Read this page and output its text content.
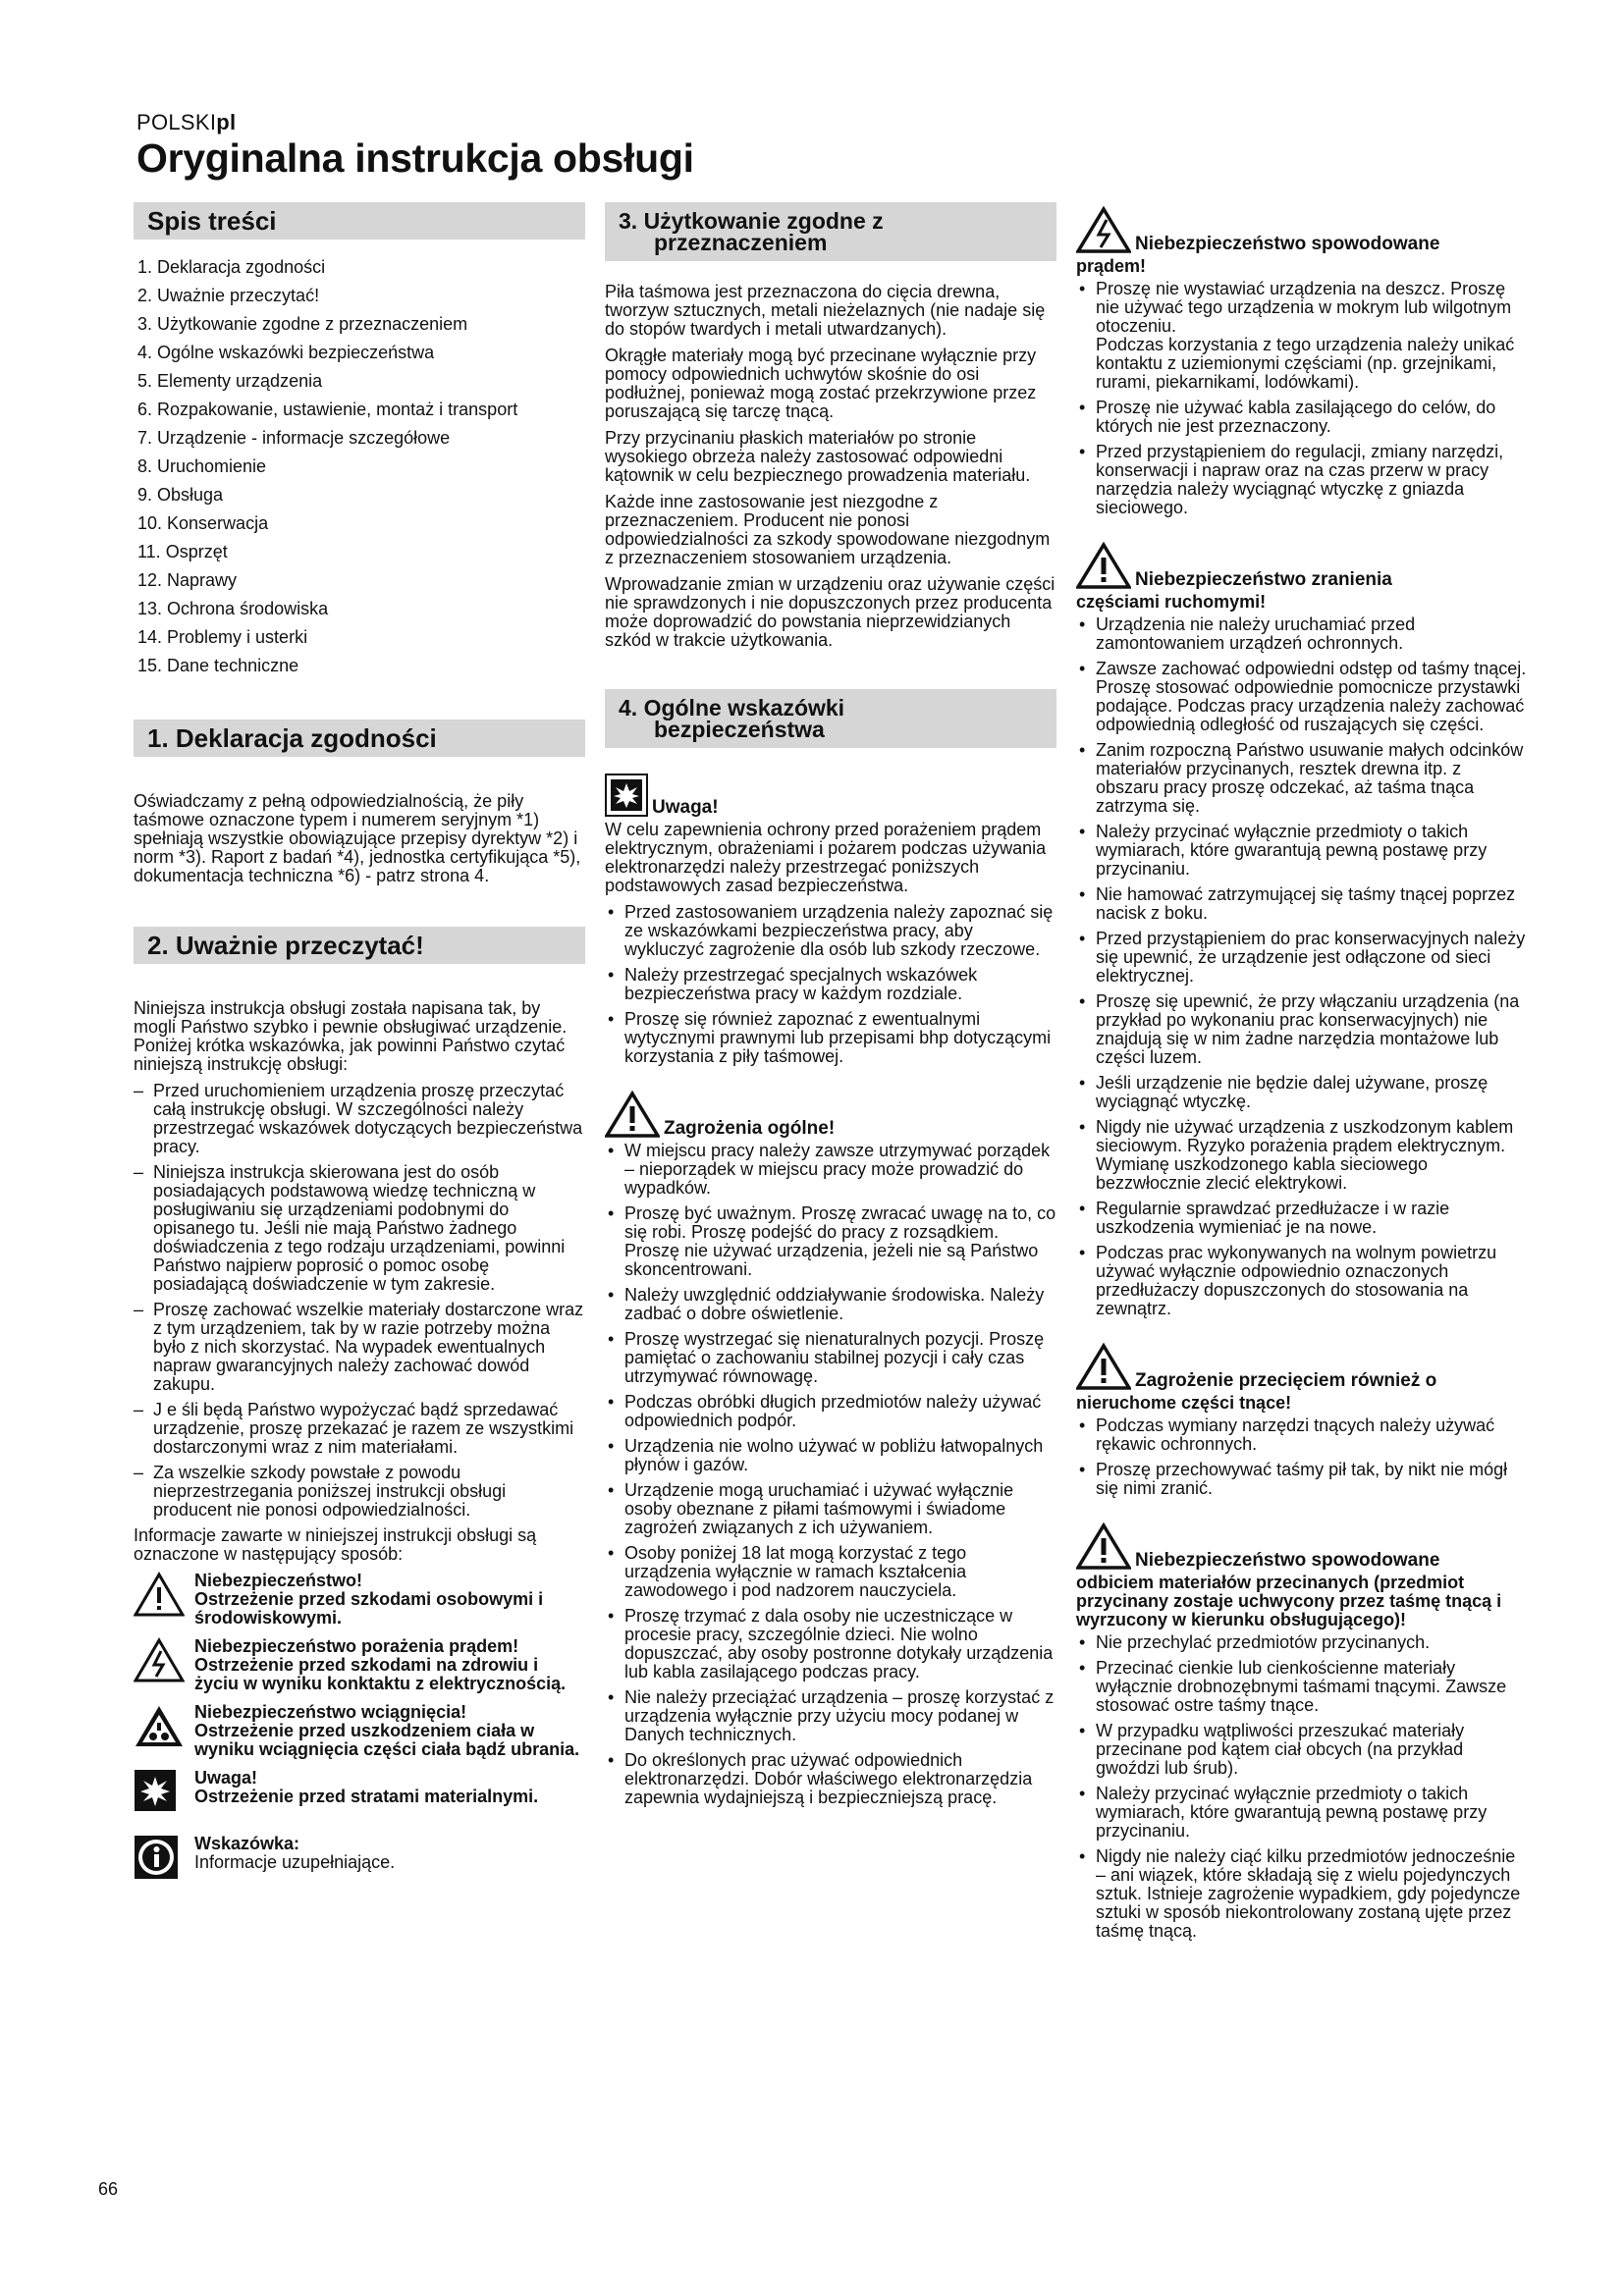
POLSKIpl
Oryginalna instrukcja obsługi
Spis treści
1. Deklaracja zgodności
2. Uważnie przeczytać!
3. Użytkowanie zgodne z przeznaczeniem
4. Ogólne wskazówki bezpieczeństwa
5. Elementy urządzenia
6. Rozpakowanie, ustawienie, montaż i transport
7. Urządzenie - informacje szczegółowe
8. Uruchomienie
9. Obsługa
10. Konserwacja
11. Osprzęt
12. Naprawy
13. Ochrona środowiska
14. Problemy i usterki
15. Dane techniczne
1. Deklaracja zgodności

Oświadczamy z pełną odpowiedzialnością, że piły taśmowe oznaczone typem i numerem seryjnym *1) spełniają wszystkie obowiązujące przepisy dyrektyw *2) i norm *3). Raport z badań *4), jednostka certyfikująca *5), dokumentacja techniczna *6) - patrz strona 4.

2. Uważnie przeczytać!

Niniejsza instrukcja obsługi została napisana tak, by mogli Państwo szybko i pewnie obsługiwać urządzenie. Poniżej krótka wskazówka, jak powinni Państwo czytać niniejszą instrukcję obsługi:

– Przed uruchomieniem urządzenia proszę przeczytać całą instrukcję obsługi. W szczególności należy przestrzegać wskazówek dotyczących bezpieczeństwa pracy.
– Niniejsza instrukcja skierowana jest do osób posiadających podstawową wiedzę techniczną w posługiwaniu się urządzeniami podobnymi do opisanego tu. Jeśli nie mają Państwo żadnego doświadczenia z tego rodzaju urządzeniami, powinni Państwo najpierw poprosić o pomoc osobę posiadającą doświadczenie w tym zakresie.
– Proszę zachować wszelkie materiały dostarczone wraz z tym urządzeniem, tak by w razie potrzeby można było z nich skorzystać. Na wypadek ewentualnych napraw gwarancyjnych należy zachować dowód zakupu.
– J e śli będą Państwo wypożyczać bądź sprzedawać urządzenie, proszę przekazać je razem ze wszystkimi dostarczonymi wraz z nim materiałami.
– Za wszelkie szkody powstałe z powodu nieprzestrzegania poniższej instrukcji obsługi producent nie ponosi odpowiedzialności.

Informacje zawarte w niniejszej instrukcji obsługi są oznaczone w następujący sposób:

Niebezpieczeństwo!
Ostrzeżenie przed szkodami osobowymi i środowiskowymi.
Niebezpieczeństwo porażenia prądem!
Ostrzeżenie przed szkodami na zdrowiu i życiu w wyniku konktaktu z elektrycznością.
Niebezpieczeństwo wciągnięcia!
Ostrzeżenie przed uszkodzeniem ciała w wyniku wciągnięcia części ciała bądź ubrania.
Uwaga!
Ostrzeżenie przed stratami materialnymi.
Wskazówka:
Informacje uzupełniające.
3. Użytkowanie zgodne z
przeznaczeniem

Piła taśmowa jest przeznaczona do cięcia drewna, tworzyw sztucznych, metali nieżelaznych (nie nadaje się do stopów twardych i metali utwardzanych).

Okrągłe materiały mogą być przecinane wyłącznie przy pomocy odpowiednich uchwytów skośnie do osi podłużnej, ponieważ mogą zostać przekrzywione przez poruszającą się tarczę tnącą.

Przy przycinaniu płaskich materiałów po stronie wysokiego obrzeża należy zastosować odpowiedni kątownik w celu bezpiecznego prowadzenia materiału.

Każde inne zastosowanie jest niezgodne z przeznaczeniem. Producent nie ponosi odpowiedzialności za szkody spowodowane niezgodnym z przeznaczeniem stosowaniem urządzenia.

Wprowadzanie zmian w urządzeniu oraz używanie części nie sprawdzonych i nie dopuszczonych przez producenta może doprowadzić do powstania nieprzewidzianych szkód w trakcie użytkowania.

4. Ogólne wskazówki
bezpieczeństwa
Uwaga!

W celu zapewnienia ochrony przed porażeniem prądem elektrycznym, obrażeniami i pożarem podczas używania elektronarzędzi należy przestrzegać poniższych podstawowych zasad bezpieczeństwa.

• Przed zastosowaniem urządzenia należy zapoznać się ze wskazówkami bezpieczeństwa pracy, aby wykluczyć zagrożenie dla osób lub szkody rzeczowe.
• Należy przestrzegać specjalnych wskazówek bezpieczeństwa pracy w każdym rozdziale.
• Proszę się również zapoznać z ewentualnymi wytycznymi prawnymi lub przepisami bhp dotyczącymi korzystania z piły taśmowej.
Zagrożenia ogólne!
• W miejscu pracy należy zawsze utrzymywać porządek – nieporządek w miejscu pracy może prowadzić do wypadków.
• Proszę być uważnym. Proszę zwracać uwagę na to, co się robi. Proszę podejść do pracy z rozsądkiem. Proszę nie używać urządzenia, jeżeli nie są Państwo skoncentrowani.
• Należy uwzględnić oddziaływanie środowiska. Należy zadbać o dobre oświetlenie.
• Proszę wystrzegać się nienaturalnych pozycji. Proszę pamiętać o zachowaniu stabilnej pozycji i cały czas utrzymywać równowagę.
• Podczas obróbki długich przedmiotów należy używać odpowiednich podpór.
• Urządzenia nie wolno używać w pobliżu łatwopalnych płynów i gazów.
• Urządzenie mogą uruchamiać i używać wyłącznie osoby obeznane z piłami taśmowymi i świadome zagrożeń związanych z ich używaniem.
• Osoby poniżej 18 lat mogą korzystać z tego urządzenia wyłącznie w ramach kształcenia zawodowego i pod nadzorem nauczyciela.
• Proszę trzymać z dala osoby nie uczestniczące w procesie pracy, szczególnie dzieci. Nie wolno dopuszczać, aby osoby postronne dotykały urządzenia lub kabla zasilającego podczas pracy.
• Nie należy przeciążać urządzenia – proszę korzystać z urządzenia wyłącznie przy użyciu mocy podanej w Danych technicznych.
• Do określonych prac używać odpowiednich elektronarzędzi. Dobór właściwego elektronarzędzia zapewnia wydajniejszą i bezpieczniejszą pracę.
Niebezpieczeństwo spowodowane
prądem!
• Proszę nie wystawiać urządzenia na deszcz. Proszę nie używać tego urządzenia w mokrym lub wilgotnym otoczeniu.
Podczas korzystania z tego urządzenia należy unikać kontaktu z uziemionymi częściami (np. grzejnikami, rurami, piekarnikami, lodówkami).
• Proszę nie używać kabla zasilającego do celów, do których nie jest przeznaczony.
• Przed przystąpieniem do regulacji, zmiany narzędzi, konserwacji i napraw oraz na czas przerw w pracy narzędzia należy wyciągnąć wtyczkę z gniazda sieciowego.
Niebezpieczeństwo zranienia
częściami ruchomymi!
• Urządzenia nie należy uruchamiać przed zamontowaniem urządzeń ochronnych.
• Zawsze zachować odpowiedni odstęp od taśmy tnącej. Proszę stosować odpowiednie pomocnicze przystawki podające. Podczas pracy urządzenia należy zachować odpowiednią odległość od ruszających się części.
• Zanim rozpoczną Państwo usuwanie małych odcinków materiałów przycinanych, resztek drewna itp. z obszaru pracy proszę odczekać, aż taśma tnąca zatrzyma się.
• Należy przycinać wyłącznie przedmioty o takich wymiarach, które gwarantują pewną postawę przy przycinaniu.
• Nie hamować zatrzymującej się taśmy tnącej poprzez nacisk z boku.
• Przed przystąpieniem do prac konserwacyjnych należy się upewnić, że urządzenie jest odłączone od sieci elektrycznej.
• Proszę się upewnić, że przy włączaniu urządzenia (na przykład po wykonaniu prac konserwacyjnych) nie znajdują się w nim żadne narzędzia montażowe lub części luzem.
• Jeśli urządzenie nie będzie dalej używane, proszę wyciągnąć wtyczkę.
• Nigdy nie używać urządzenia z uszkodzonym kablem sieciowym. Ryzyko porażenia prądem elektrycznym. Wymianę uszkodzonego kabla sieciowego bezzwłocznie zlecić elektrykowi.
• Regularnie sprawdzać przedłużacze i w razie uszkodzenia wymieniać je na nowe.
• Podczas prac wykonywanych na wolnym powietrzu używać wyłącznie odpowiednio oznaczonych przedłużaczy dopuszczonych do stosowania na zewnątrz.
Zagrożenie przecięciem również o
nieruchome części tnące!
• Podczas wymiany narzędzi tnących należy używać rękawic ochronnych.
• Proszę przechowywać taśmy pił tak, by nikt nie mógł się nimi zranić.
Niebezpieczeństwo spowodowane
odbiciem materiałów przecinanych (przedmiot przycinany zostaje uchwycony przez taśmę tnącą i wyrzucony w kierunku obsługującego)!
• Nie przechylać przedmiotów przycinanych.
• Przecinać cienkie lub cienkościenne materiały wyłącznie drobnozębnymi taśmami tnącymi. Zawsze stosować ostre taśmy tnące.
• W przypadku wątpliwości przeszukać materiały przecinane pod kątem ciał obcych (na przykład gwoździ lub śrub).
• Należy przycinać wyłącznie przedmioty o takich wymiarach, które gwarantują pewną postawę przy przycinaniu.
• Nigdy nie należy ciąć kilku przedmiotów jednocześnie – ani wiązek, które składają się z wielu pojedynczych sztuk. Istnieje zagrożenie wypadkiem, gdy pojedyncze sztuki w sposób niekontrolowany zostaną ujęte przez taśmę tnącą.
66
